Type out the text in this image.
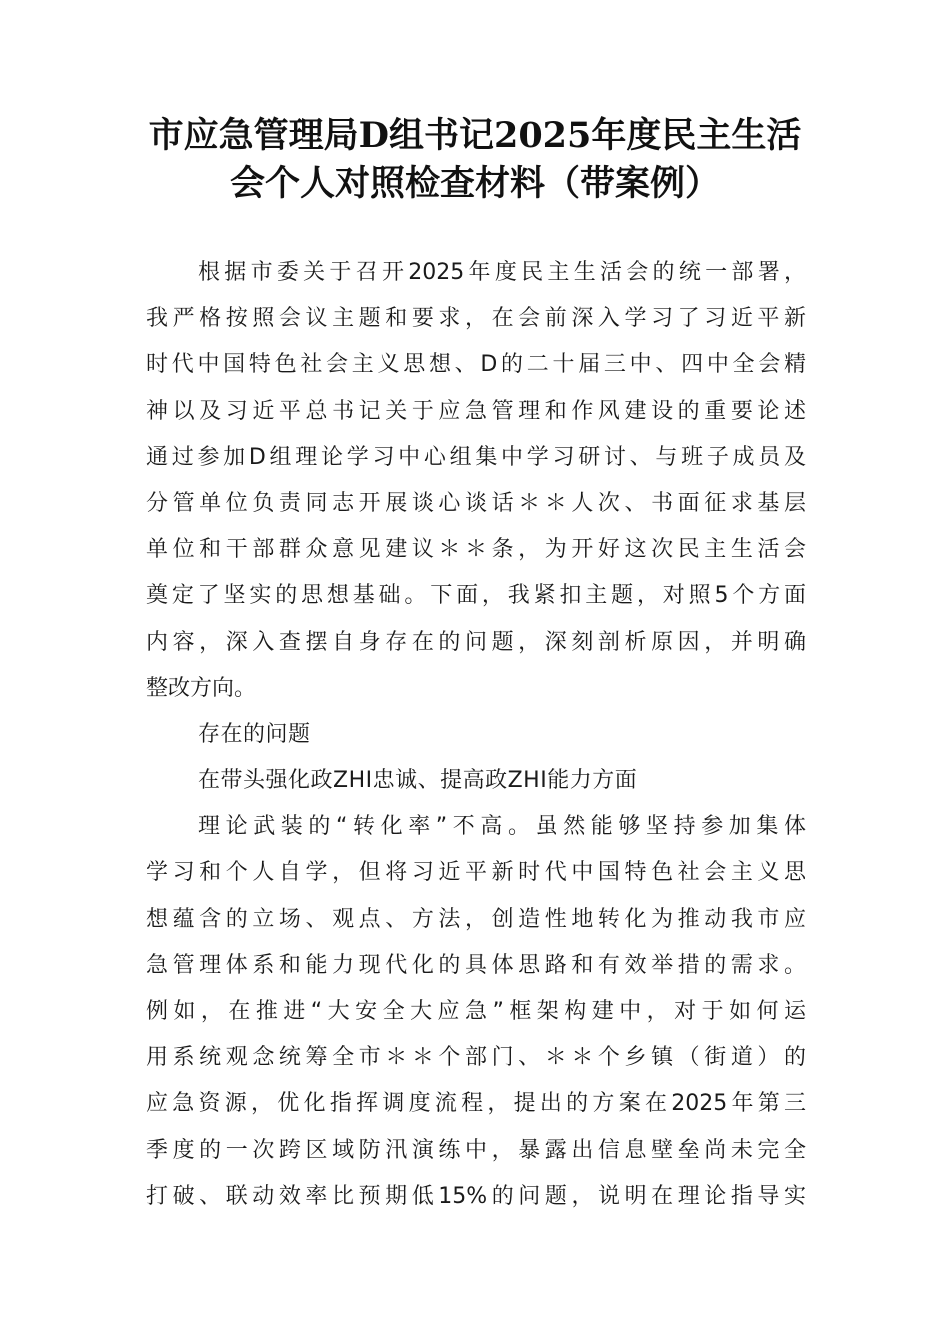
市应急管理局D组书记2025年度民主生活
会个人对照检查材料（带案例）
根据市委关于召开2025年度民主生活会的统一部署，
我严格按照会议主题和要求，在会前深入学习了习近平新
时代中国特色社会主义思想、D的二十届三中、四中全会精
神以及习近平总书记关于应急管理和作风建设的重要论述
通过参加D组理论学习中心组集中学习研讨、与班子成员及
分管单位负责同志开展谈心谈话＊＊人次、书面征求基层
单位和干部群众意见建议＊＊条，为开好这次民主生活会
奠定了坚实的思想基础。下面，我紧扣主题，对照5个方面
内容，深入查摆自身存在的问题，深刻剖析原因，并明确
整改方向。
存在的问题
在带头强化政ZHI忠诚、提高政ZHI能力方面
理论武装的“转化率”不高。虽然能够坚持参加集体
学习和个人自学，但将习近平新时代中国特色社会主义思
想蕴含的立场、观点、方法，创造性地转化为推动我市应
急管理体系和能力现代化的具体思路和有效举措的需求。
例如，在推进“大安全大应急”框架构建中，对于如何运
用系统观念统筹全市＊＊个部门、＊＊个乡镇（街道）的
应急资源，优化指挥调度流程，提出的方案在2025年第三
季度的一次跨区域防汛演练中，暴露出信息壁垒尚未完全
打破、联动效率比预期低15%的问题，说明在理论指导实
